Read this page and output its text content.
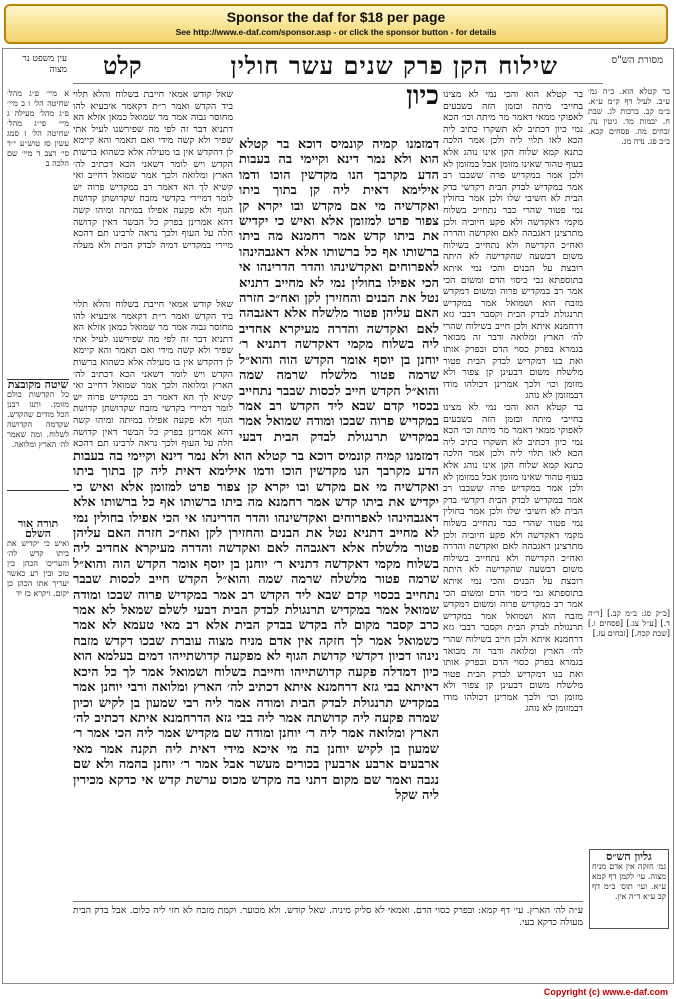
Sponsor the daf for $18 per page
See http://www.e-daf.com/sponsor.asp - or click the sponsor button - for details
מסורת הש"ס
עין משפט נר מצוה	שילוח הקן פרק שנים עשר חולין
קלט
בר קטלא הוא. כ״ה גמ׳ ע״ב. לעיל דף ק״מ ע״א. ב״מ קב. ברכות לג. שבת ח. יבמות מד. גיטין נה. זבחים מה. פסחים קכא. ב״ב פג. נדה מג.
[כ״ק סג: ב״מ קב.] [ר״ה ד.] [ע״ל צג.] [פסחים ו.] [שבת קכח.] [זבחים עז.]
גליון הש״ס
גמ׳ חזקה אין אדם מניח מצוה. עי׳ לקמן דף קמא ע״א. ועי׳ תוס׳ ב״מ דף קב ע״א ד״ה אין.

בר קטלא הוא והכי נמי לא מצינו בחייבי מיתה ובזמן הזה בשבעים לאפוקי ממאי דאמר מר מיתה וכו׳ הכא נמי כיון דכתיב לא תשקרו כתיב ליה הכא לאו תלוי ליה ולכן אמר הלכה כתנא קמא שלוח הקן אינו נוהג אלא בעוף טהור שאינו מזומן אבל במזומן לא ולכן אמר במקדיש פרה ששבבו רב אמר במקדיש לבדק הבית דקדשי בדק הבית לא חשיבי שלו ולכן אמר בחולין נמי פטור שהרי כבר נתחייב בשלוח מקמי דאקדשה ולא פקע חיוביה ולכן מתרצינן דאגבהה לאם ואקדשה והדרה ואח״כ הקדישה ולא נתחייב בשילוח משום דבשעה שהקדישה לא היתה רובצת על הבנים והכי נמי איתא בתוספתא גבי כיסוי הדם ומשום הכי אמר רב במקדיש פרוה ומשום דמקדש מזבח הוא ושמואל אמר במקדיש תרנגולת לבדק הבית וקסבר דבבי גזא דרחמנא איתא ולכן חייב בשילוח שהרי לה׳ הארץ ומלואה ודבר זה מבואר בגמרא בפרק כסוי הדם ובפרק אותו ואת בנו דמקדיש לבדק הבית פטור מלשלח משום דבעינן קן צפור ולא מזומן וכו׳ ולכך אמרינן דכולהו מודו דבמזומן לא נוהג

בר קטלא הוא והכי נמי לא מצינו בחייבי מיתה ובזמן הזה בשבעים לאפוקי ממאי דאמר מר מיתה וכו׳ הכא נמי כיון דכתיב לא תשקרו כתיב ליה הכא לאו תלוי ליה ולכן אמר הלכה כתנא קמא שלוח הקן אינו נוהג אלא בעוף טהור שאינו מזומן אבל במזומן לא ולכן אמר במקדיש פרה ששבבו רב אמר במקדיש לבדק הבית דקדשי בדק הבית לא חשיבי שלו ולכן אמר בחולין נמי פטור שהרי כבר נתחייב בשלוח מקמי דאקדשה ולא פקע חיוביה ולכן מתרצינן דאגבהה לאם ואקדשה והדרה ואח״כ הקדישה ולא נתחייב בשילוח משום דבשעה שהקדישה לא היתה רובצת על הבנים והכי נמי איתא בתוספתא גבי כיסוי הדם ומשום הכי אמר רב במקדיש פרוה ומשום דמקדש מזבח הוא ושמואל אמר במקדיש תרנגולת לבדק הבית וקסבר דבבי גזא דרחמנא איתא ולכן חייב בשילוח שהרי לה׳ הארץ ומלואה ודבר זה מבואר בגמרא בפרק כסוי הדם ובפרק אותו ואת בנו דמקדיש לבדק הבית פטור מלשלח משום דבעינן קן צפור ולא מזומן וכו׳ ולכך אמרינן דכולהו מודו דבמזומן לא נוהג

א מיי׳ פ״ג מהל׳ שחיטה הל׳ ו ב מיי׳ פ״ג מהל׳ מעילה ג מיי׳ פי״ג מהל׳ שחיטה הל׳ ז סמג עשין סז טוש״ע י״ד סי׳ רצב ד מיי׳ שם הלכה ב
שיטה מקובצת
כל הקדשות כולם מזומן. ותנו רבנן הכל מודים שהקדש. שקדמה הקדושה לשלוח. ומה שאמר לה׳ הארץ ומלואה.
תורה אור השלם
ואיש כי יקדיש את ביתו קדש לה׳ והעריכו הכהן בין טוב ובין רע כאשר יעריך אתו הכהן כן יקום. ויקרא כז יד
שאל קודש אמאי חייבת בשלוח והלא תלוי ביד הקדש ואמר ר״ת דקאמר איבעיא להו מחוסר גבוה אמר מר שמואל כמאן אזלא הא דתניא דבר זה לפי מה שפירשנו לעיל אתי שפיר ולא קשה מידי ואם תאמר והא קיימא לן דהקדש אין בו מעילה אלא כשהוא ברשות הקדש ויש לומר דשאני הכא דכתיב לה׳ הארץ ומלואה ולכך אמר שמואל דחייב ואי קשיא לך הא דאמר רב במקדיש פרוה יש לומר דמיירי בקדשי מזבח שקדושתן קדושת הגוף ולא פקעה אפילו במיתה ומיהו קשה דהא אמרינן בפרק כל הבשר דאין קדושה חלה על העוף ולכך נראה לרבינו תם דהכא מיירי במקדיש דמיה לבדק הבית ולא מעלה
שאל קודש אמאי חייבת בשלוח והלא תלוי ביד הקדש ואמר ר״ת דקאמר איבעיא להו מחוסר גבוה אמר מר שמואל כמאן אזלא הא דתניא דבר זה לפי מה שפירשנו לעיל אתי שפיר ולא קשה מידי ואם תאמר והא קיימא לן דהקדש אין בו מעילה אלא כשהוא ברשות הקדש ויש לומר דשאני הכא דכתיב לה׳ הארץ ומלואה ולכך אמר שמואל דחייב ואי קשיא לך הא דאמר רב במקדיש פרוה יש לומר דמיירי בקדשי מזבח שקדושתן קדושת הגוף ולא פקעה אפילו במיתה ומיהו קשה דהא אמרינן בפרק כל הבשר דאין קדושה חלה על העוף ולכך נראה לרבינו תם דהכא
כיון
דמזמנו קמיה קונמיס דוכא בר קטלא הוא ולא נמר דינא וקיימי בה בעבות הדע מקרבך הנו מקדשין הוכו ודמו אילימא דאית ליה קן בתוך ביתו ואקדשיה מי אם מקדש ובו יקרא קן צפור פרט למזומן אלא ואיש כי יקדיש את ביתו קדש אמר רחמנא מה ביתו ברשותו אף כל ברשותו אלא דאגבהינהו לאפרוחים ואקדשינהו והדר הדרינהו אי הכי אפילו בחולין נמי לא מחייב דתניא נטל את הבנים והחזירן לקן ואח״כ חזרה האם עליהן פטור מלשלח אלא דאגבהה לאם ואקדשה והדרה מעיקרא אחדיב ליה בשלוח מקמי דאקדשה דתניא ר׳ יוחנן בן יוסף אומר הקדש הוה והוא״ל שרמה פטור מלשלח שרמה שמה והוא״ל הקדש חייב לכסות שבבר נתחייב בכסוי קדם שבא ליד הקדש רב אמר במקדיש פרוה שבכו ומודה שמואל אמר במקדיש תרנגולת לבדק הבית דבעי
דמזמנו קמיה קונמיס דוכא בר קטלא הוא ולא נמר דינא וקיימי בה בעבות הדע מקרבך הנו מקדשין הוכו ודמו אילימא דאית ליה קן בתוך ביתו ואקדשיה מי אם מקדש ובו יקרא קן צפור פרט למזומן אלא ואיש כי יקדיש את ביתו קדש אמר רחמנא מה ביתו ברשותו אף כל ברשותו אלא דאגבהינהו לאפרוחים ואקדשינהו והדר הדרינהו אי הכי אפילו בחולין נמי לא מחייב דתניא נטל את הבנים והחזירן לקן ואח״כ חזרה האם עליהן פטור מלשלח אלא דאגבהה לאם ואקדשה והדרה מעיקרא אחדיב ליה בשלוח מקמי דאקדשה דתניא ר׳ יוחנן בן יוסף אומר הקדש הוה והוא״ל שרמה פטור מלשלח שרמה שמה והוא״ל הקדש חייב לכסות שבבר נתחייב בכסוי קדם שבא ליד הקדש רב אמר במקדיש פרוה שבכו ומודה שמואל אמר במקדיש תרנגולת לבדק הבית דבעי לשלם שמאל לא אמר כרב קסבר מקום לה בקדש בבדק הבית אלא רב מאי טעמא לא אמר כשמואל אמר לך חזקה אין אדם מניח מצוה עוברת שבכו דקדש מזבח נינהו דכיון דקדשי קדושת הגוף לא מפקעה קדושתייהו דמים בעלמא הוא כיון דמדלה פקעה קדושתייהו וחייבת בשלוח ושמואל אמר לך כל היכא דאיתא בבי גזא דרחמנא איתא דכתיב לה׳ הארץ ומלואה ורבי יוחנן אמר במקדיש תרנגולת לבדק הבית ומודה אמר ליה רבי שמעון בן לקיש וכיון שמרה פקעה ליה קדושתה אמר ליה בבי גזא הדרחמנא איתא דכתיב לה׳ הארץ ומלואה אמר ליה ר׳ יוחנן ומודה שם מקדיש אמר ליה הכי אמר ר׳ שמעון בן לקיש יוחנן בה מי איכא מידי דאית ליה תקנה אמר מאי ארבעים ארבע ארבעין בכורים מעשר אבל אמר ר׳ יוחנן בהמה ולא שם נגבה ואמר שם מקום דתני בה מקדש מכוס ערשת קדש אי כדקא מכירין ליה שקל
ע״ה לה׳ הארץ. עי׳ דף קמא: ובפרק כסוי הדם. ואמאי לא סליק מיניה. שאל קודש. ולא מכוער. וקמת מזבח לא חזי ליה כלום. אבל בדק הבית מעולה כדקא בעי.
Copyright (c) www.e-daf.com
